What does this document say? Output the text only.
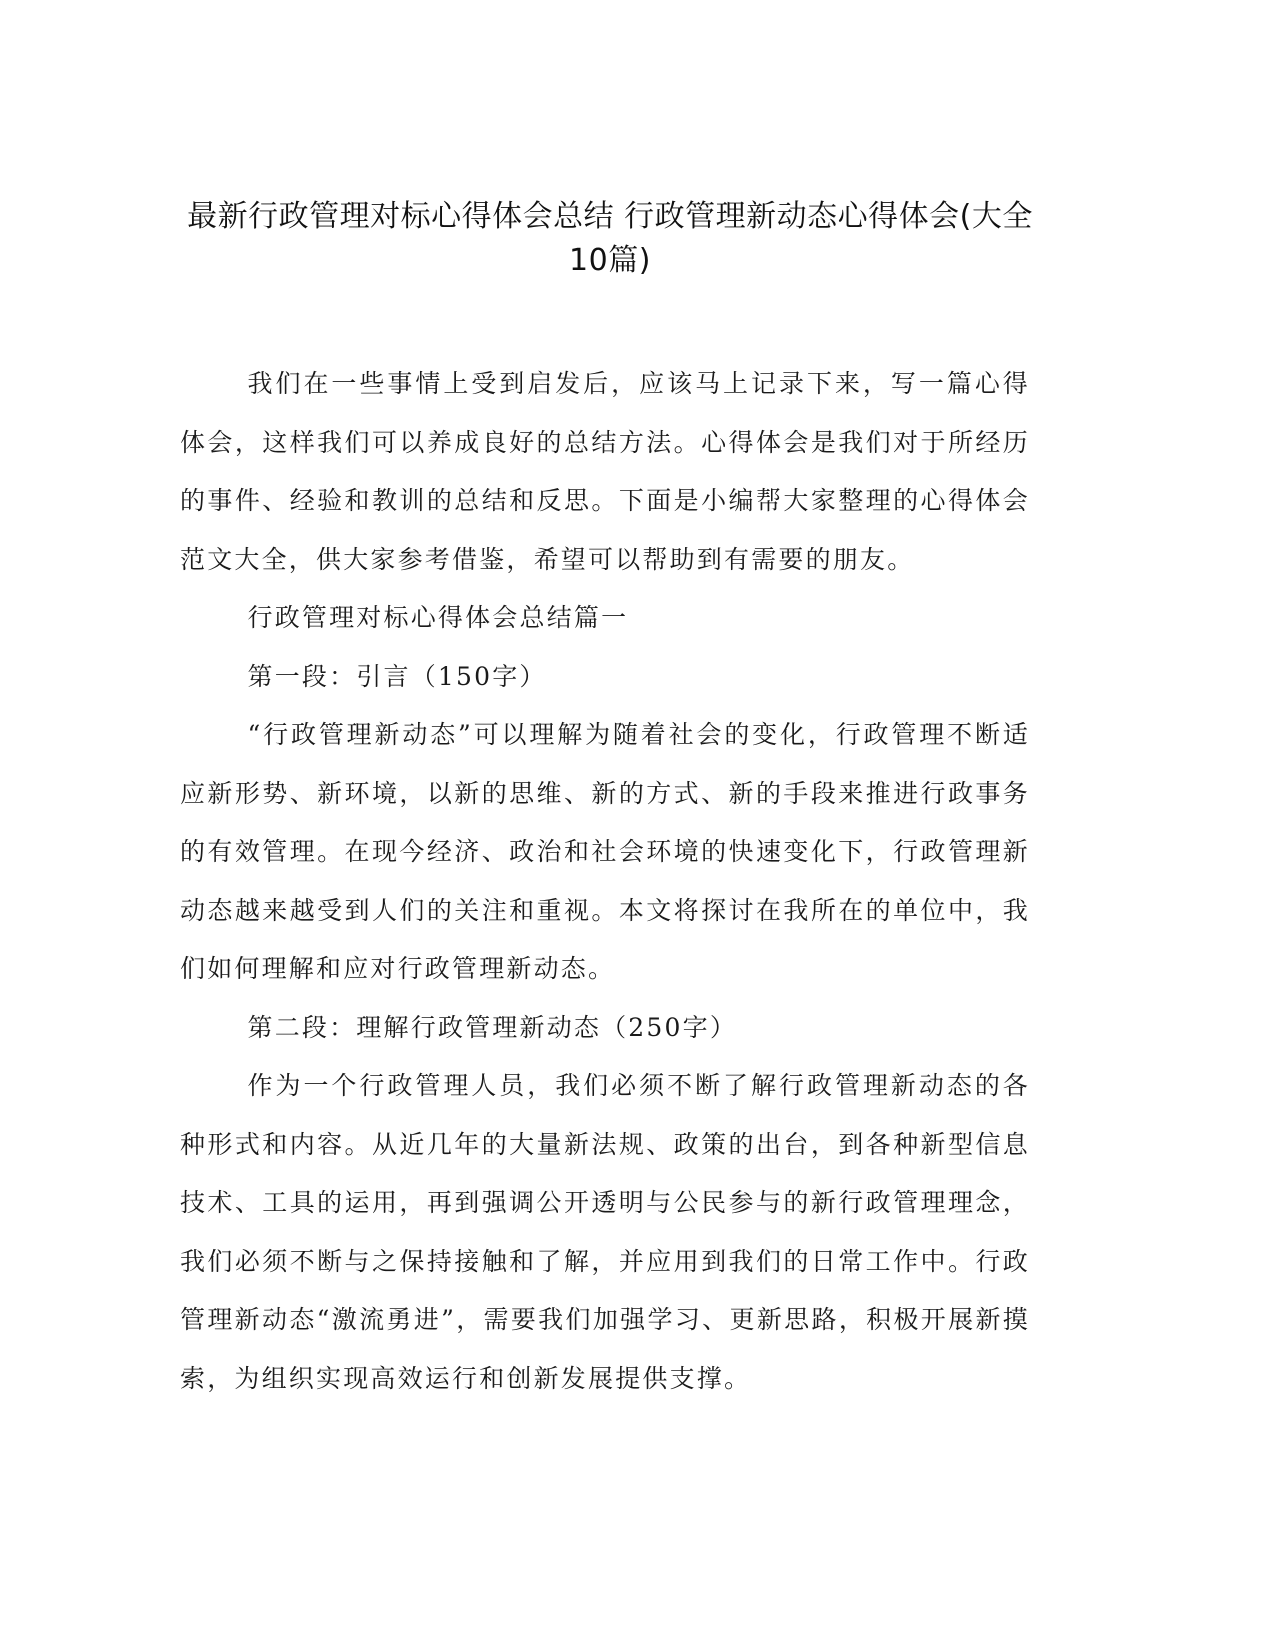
最新行政管理对标心得体会总结 行政管理新动态心得体会(大全10篇)

我们在一些事情上受到启发后，应该马上记录下来，写一篇心得体会，这样我们可以养成良好的总结方法。心得体会是我们对于所经历的事件、经验和教训的总结和反思。下面是小编帮大家整理的心得体会范文大全，供大家参考借鉴，希望可以帮助到有需要的朋友。

行政管理对标心得体会总结篇一

第一段：引言（150字）

“行政管理新动态”可以理解为随着社会的变化，行政管理不断适应新形势、新环境，以新的思维、新的方式、新的手段来推进行政事务的有效管理。在现今经济、政治和社会环境的快速变化下，行政管理新动态越来越受到人们的关注和重视。本文将探讨在我所在的单位中，我们如何理解和应对行政管理新动态。

第二段：理解行政管理新动态（250字）

作为一个行政管理人员，我们必须不断了解行政管理新动态的各种形式和内容。从近几年的大量新法规、政策的出台，到各种新型信息技术、工具的运用，再到强调公开透明与公民参与的新行政管理理念，我们必须不断与之保持接触和了解，并应用到我们的日常工作中。行政管理新动态“激流勇进”，需要我们加强学习、更新思路，积极开展新摸索，为组织实现高效运行和创新发展提供支撑。
